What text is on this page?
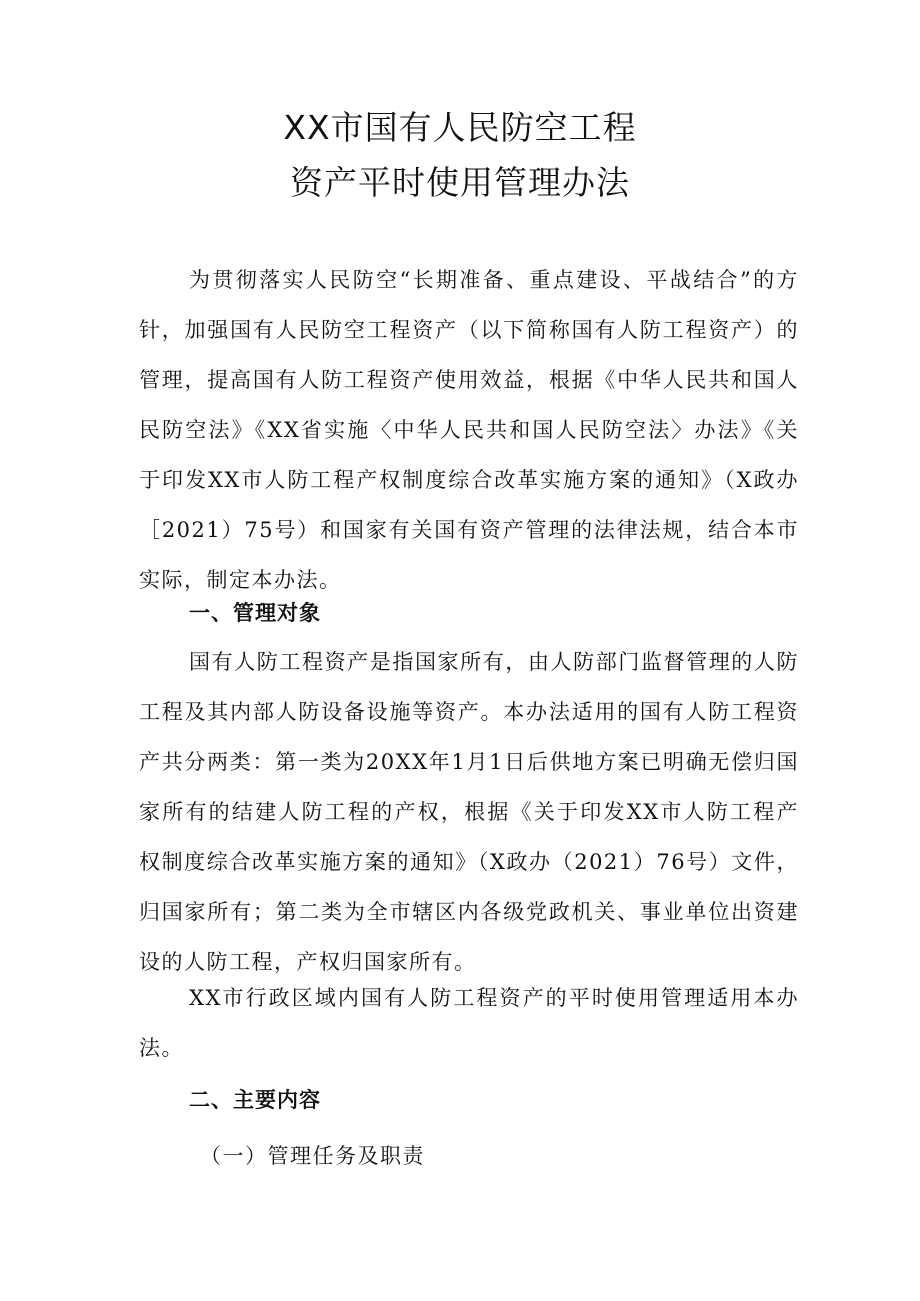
XX市国有人民防空工程
资产平时使用管理办法

为贯彻落实人民防空“长期准备、重点建设、平战结合”的方针，加强国有人民防空工程资产（以下简称国有人防工程资产）的管理，提高国有人防工程资产使用效益，根据《中华人民共和国人民防空法》《XX省实施〈中华人民共和国人民防空法〉办法》《关于印发XX市人防工程产权制度综合改革实施方案的通知》（X政办［2021）75号）和国家有关国有资产管理的法律法规，结合本市实际，制定本办法。

一、管理对象

国有人防工程资产是指国家所有，由人防部门监督管理的人防工程及其内部人防设备设施等资产。本办法适用的国有人防工程资产共分两类：第一类为20XX年1月1日后供地方案已明确无偿归国家所有的结建人防工程的产权，根据《关于印发XX市人防工程产权制度综合改革实施方案的通知》（X政办（2021）76号）文件，归国家所有；第二类为全市辖区内各级党政机关、事业单位出资建设的人防工程，产权归国家所有。

XX市行政区域内国有人防工程资产的平时使用管理适用本办法。

二、主要内容
（一）管理任务及职责
